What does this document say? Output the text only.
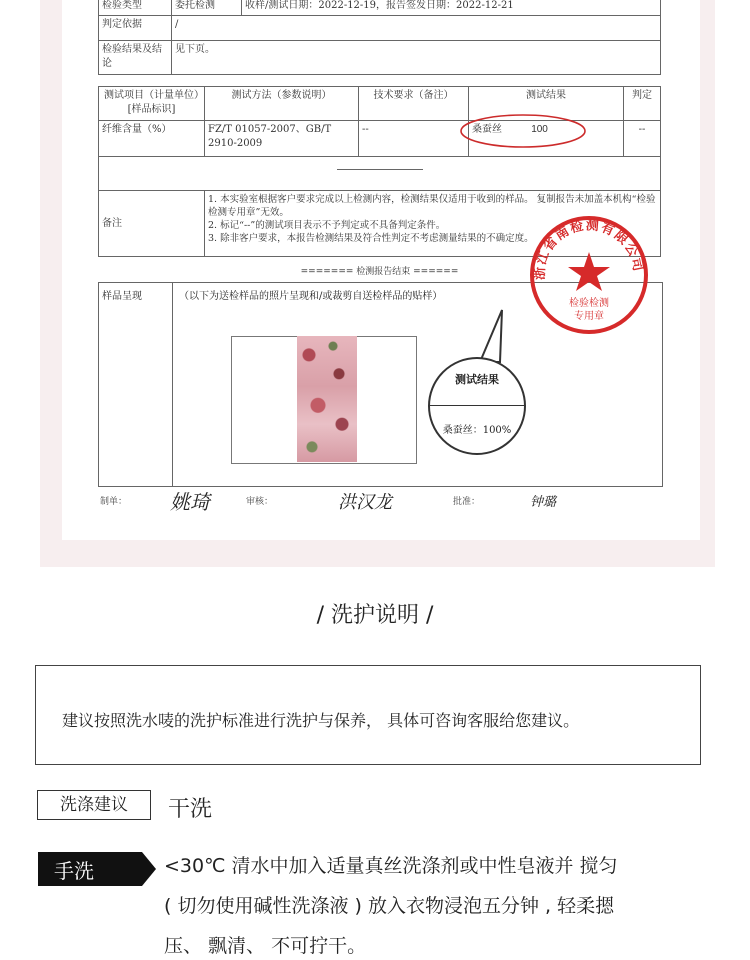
检验类型	委托检测	收样/测试日期：2022-12-19，报告签发日期：2022-12-21
判定依据	/	
检验结果及结论	见下页。	
测试项目（计量单位）[样品标识]	测试方法（参数说明）	技术要求（备注）	测试结果	判定
纤维含量（%）	FZ/T 01057-2007、GB/T 2910-2009	--	桑蚕丝 100	--

备注	1. 本实验室根据客户要求完成以上检测内容，检测结果仅适用于收到的样品。 复制报告未加盖本机构“检验检测专用章”无效。
2. 标记“--”的测试项目表示不予判定或不具备判定条件。
3. 除非客户要求，本报告检测结果及符合性判定不考虑测量结果的不确定度。			
======= 检测报告结束 ======
样品呈现	（以下为送检样品的照片呈现和/或裁剪自送检样品的贴样）
测试结果
桑蚕丝：100%
浙江省南检测有限公司
检验检测
专用章
制单： 姚琦	审核：	洪汉龙	批准：	钟璐
/ 洗护说明 /
建议按照洗水唛的洗护标准进行洗护与保养， 具体可咨询客服给您建议。
洗涤建议	干洗
手洗	<30℃ 清水中加入适量真丝洗涤剂或中性皂液并 搅匀
( 切勿使用碱性洗涤液 ) 放入衣物浸泡五分钟 , 轻柔摁
压、 飘清、 不可拧干。
